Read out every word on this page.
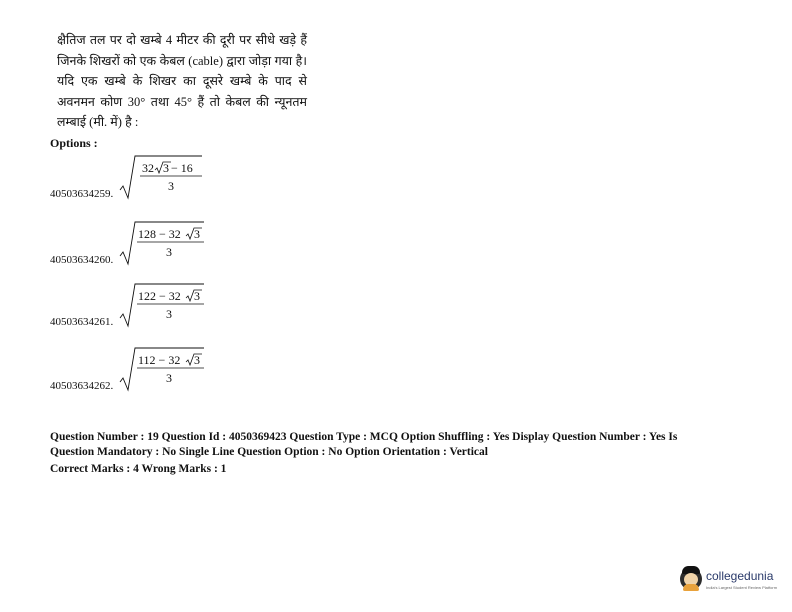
क्षैतिज तल पर दो खम्बे 4 मीटर की दूरी पर सीधे खड़े हैं जिनके शिखरों को एक केबल (cable) द्वारा जोड़ा गया है। यदि एक खम्बे के शिखर का दूसरे खम्बे के पाद से अवनमन कोण 30° तथा 45° हैं तो केबल की न्यूनतम लम्बाई (मी. में) है :
Options :
40503634259.
32 3 − 16
3
40503634260.
128 − 32 3
3
40503634261.
122 − 32 3
3
40503634262.
112 − 32 3
3
Question Number : 19 Question Id : 4050369423 Question Type : MCQ Option Shuffling : Yes Display Question Number : Yes Is
Question Mandatory : No Single Line Question Option : No Option Orientation : Vertical
Correct Marks : 4 Wrong Marks : 1
collegedunia
India's Largest Student Review Platform
